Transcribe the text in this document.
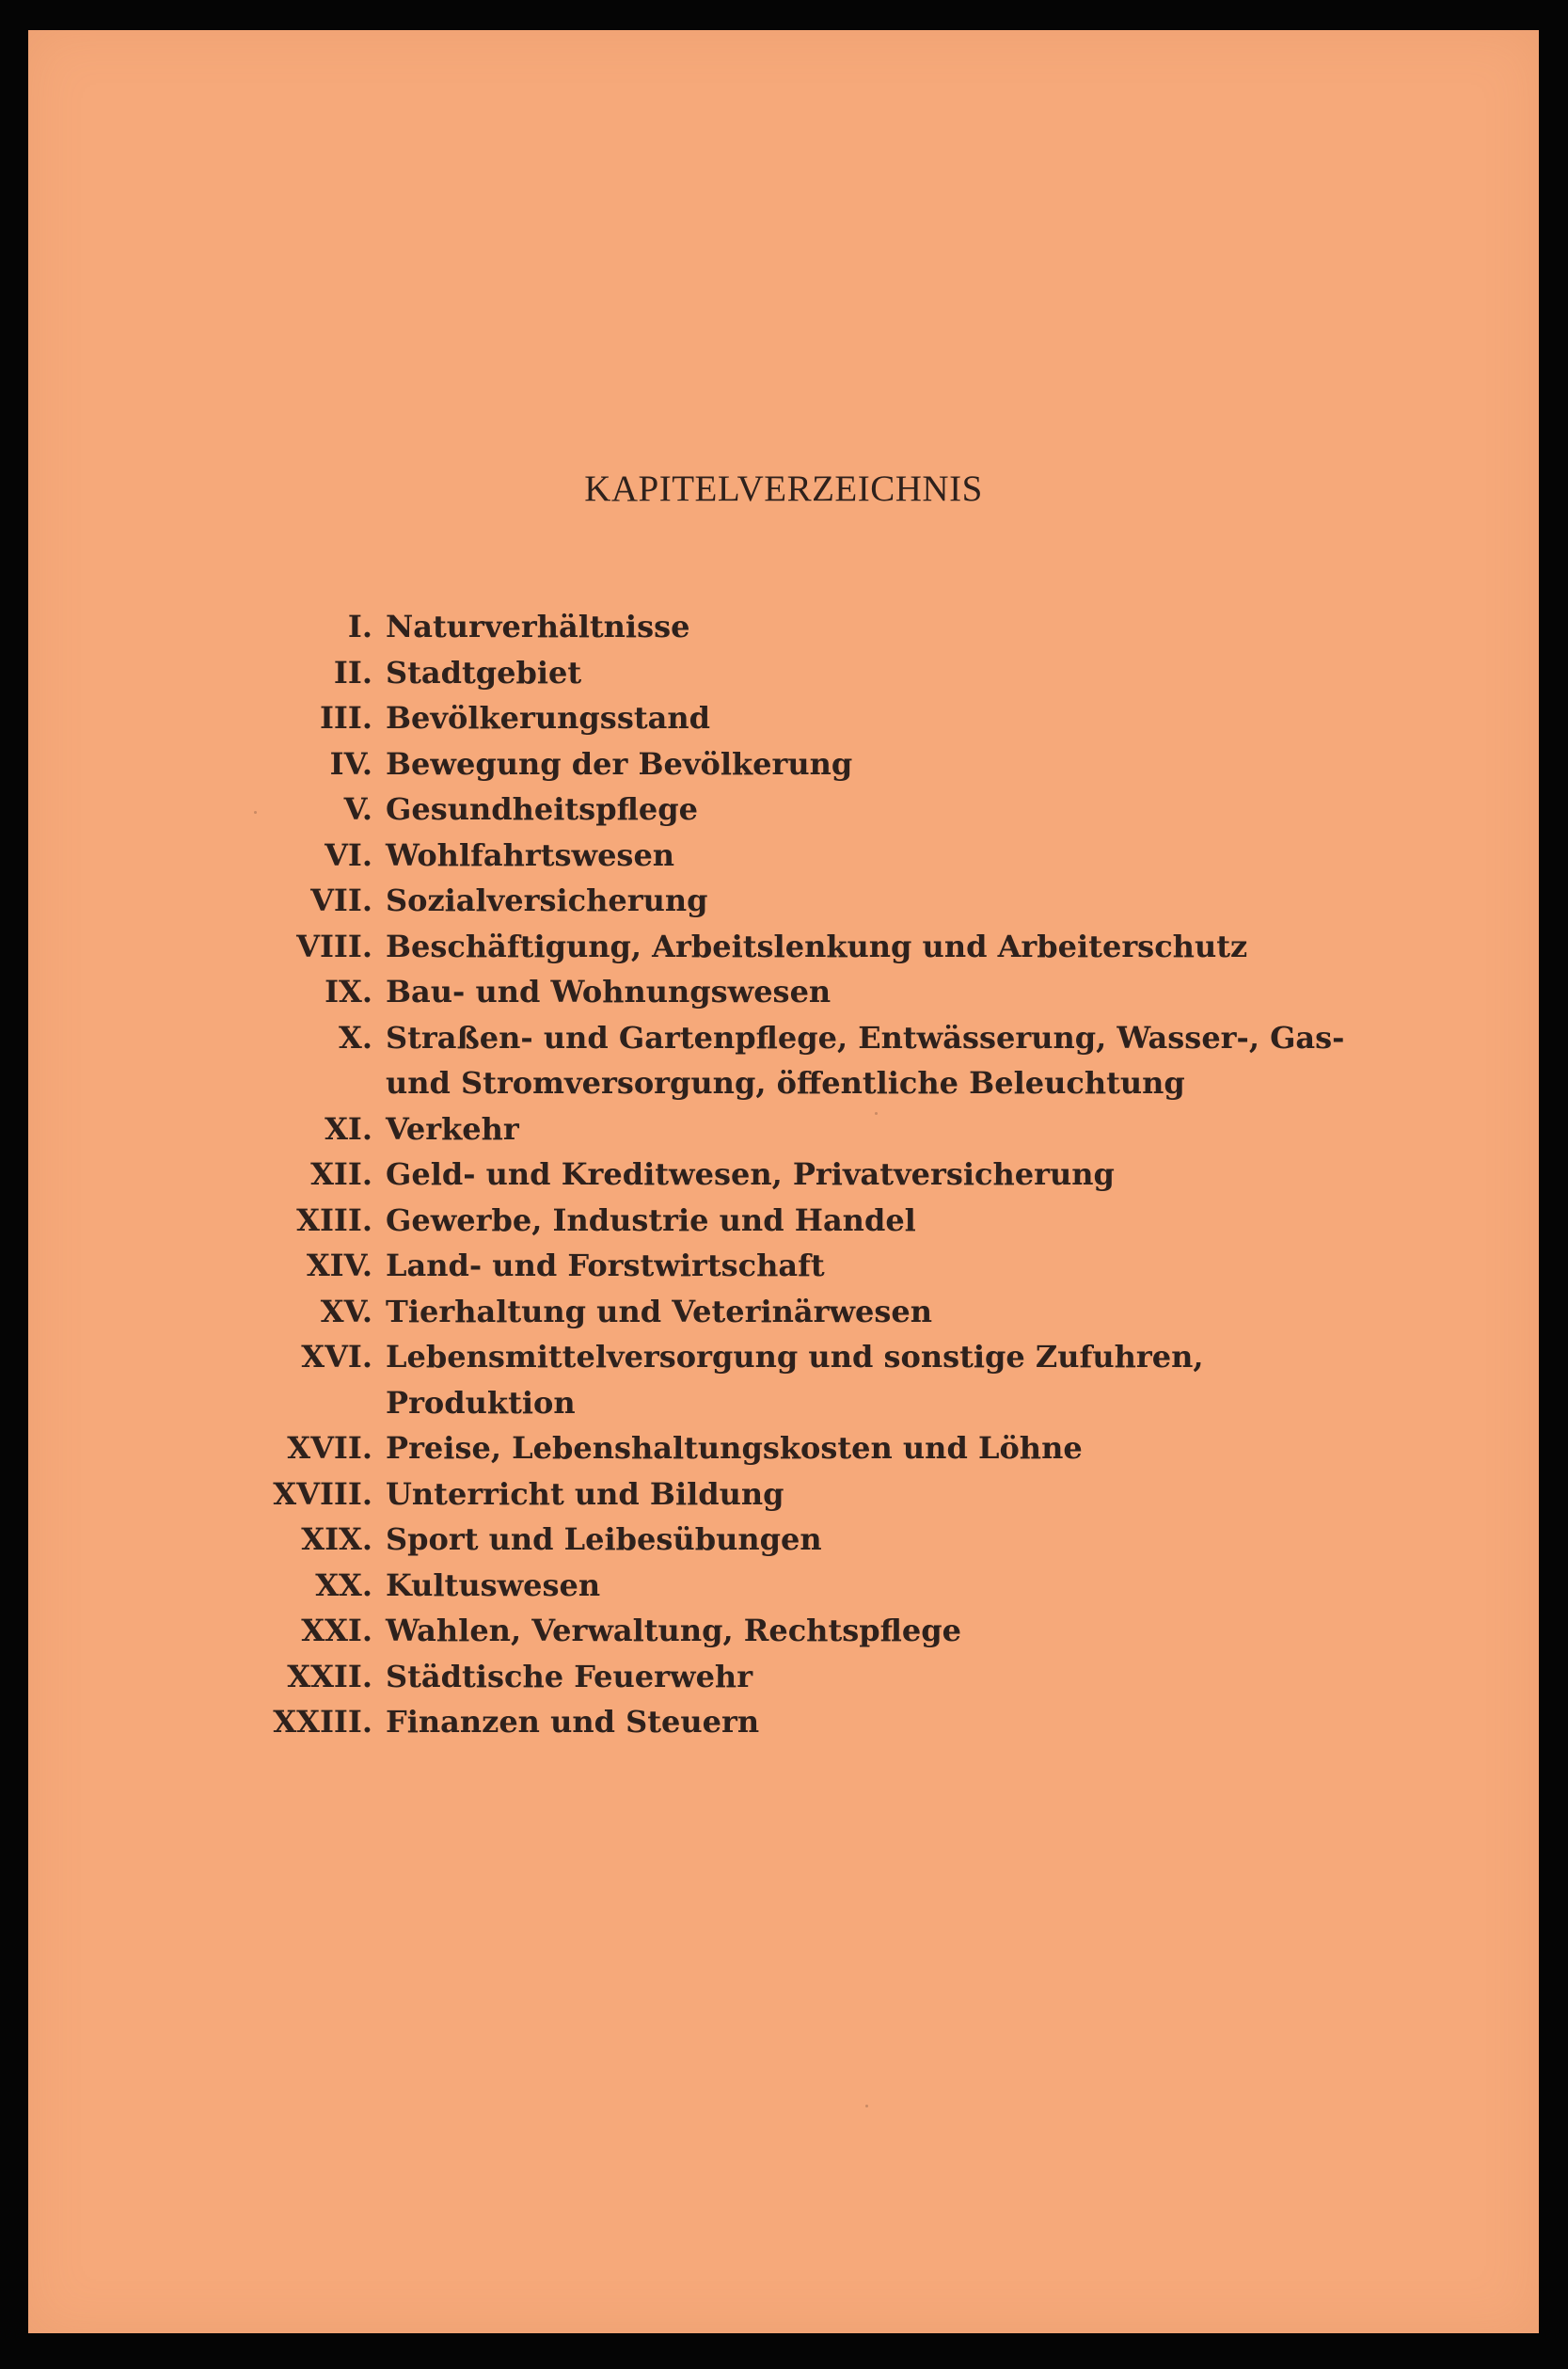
KAPITELVERZEICHNIS
I. Naturverhältnisse
II. Stadtgebiet
III. Bevölkerungsstand
IV. Bewegung der Bevölkerung
V. Gesundheitspflege
VI. Wohlfahrtswesen
VII. Sozialversicherung
VIII. Beschäftigung, Arbeitslenkung und Arbeiterschutz
IX. Bau- und Wohnungswesen
X. Straßen- und Gartenpflege, Entwässerung, Wasser-, Gas- und Stromversorgung, öffentliche Beleuchtung
XI. Verkehr
XII. Geld- und Kreditwesen, Privatversicherung
XIII. Gewerbe, Industrie und Handel
XIV. Land- und Forstwirtschaft
XV. Tierhaltung und Veterinärwesen
XVI. Lebensmittelversorgung und sonstige Zufuhren, Produktion
XVII. Preise, Lebenshaltungskosten und Löhne
XVIII. Unterricht und Bildung
XIX. Sport und Leibesübungen
XX. Kultuswesen
XXI. Wahlen, Verwaltung, Rechtspflege
XXII. Städtische Feuerwehr
XXIII. Finanzen und Steuern
